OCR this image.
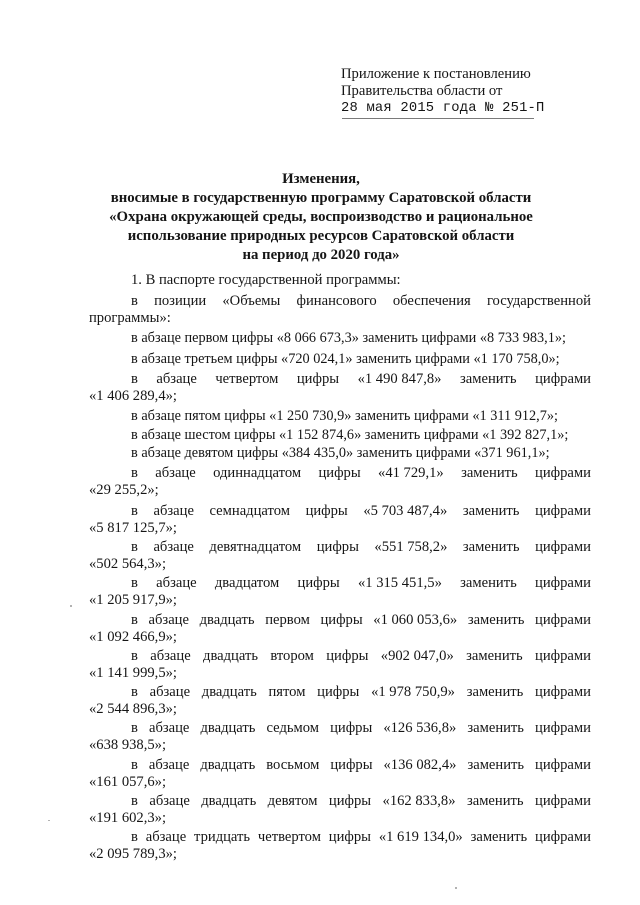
Приложение к постановлению
Правительства области от
28 мая 2015 года № 251-П
Изменения,
вносимые в государственную программу Саратовской области
«Охрана окружающей среды, воспроизводство и рациональное
использование природных ресурсов Саратовской области
на период до 2020 года»
1. В паспорте государственной программы:
в позиции «Объемы финансового обеспечения государственной
программы»:
в абзаце первом цифры «8 066 673,3» заменить цифрами «8 733 983,1»;
в абзаце третьем цифры «720 024,1» заменить цифрами «1 170 758,0»;
в абзаце четвертом цифры «1 490 847,8» заменить цифрами
«1 406 289,4»;
в абзаце пятом цифры «1 250 730,9» заменить цифрами «1 311 912,7»;
в абзаце шестом цифры «1 152 874,6» заменить цифрами «1 392 827,1»;
в абзаце девятом цифры «384 435,0» заменить цифрами «371 961,1»;
в абзаце одиннадцатом цифры «41 729,1» заменить цифрами
«29 255,2»;
в абзаце семнадцатом цифры «5 703 487,4» заменить цифрами
«5 817 125,7»;
в абзаце девятнадцатом цифры «551 758,2» заменить цифрами
«502 564,3»;
в абзаце двадцатом цифры «1 315 451,5» заменить цифрами
«1 205 917,9»;
в абзаце двадцать первом цифры «1 060 053,6» заменить цифрами
«1 092 466,9»;
в абзаце двадцать втором цифры «902 047,0» заменить цифрами
«1 141 999,5»;
в абзаце двадцать пятом цифры «1 978 750,9» заменить цифрами
«2 544 896,3»;
в абзаце двадцать седьмом цифры «126 536,8» заменить цифрами
«638 938,5»;
в абзаце двадцать восьмом цифры «136 082,4» заменить цифрами
«161 057,6»;
в абзаце двадцать девятом цифры «162 833,8» заменить цифрами
«191 602,3»;
в абзаце тридцать четвертом цифры «1 619 134,0» заменить цифрами
«2 095 789,3»;
